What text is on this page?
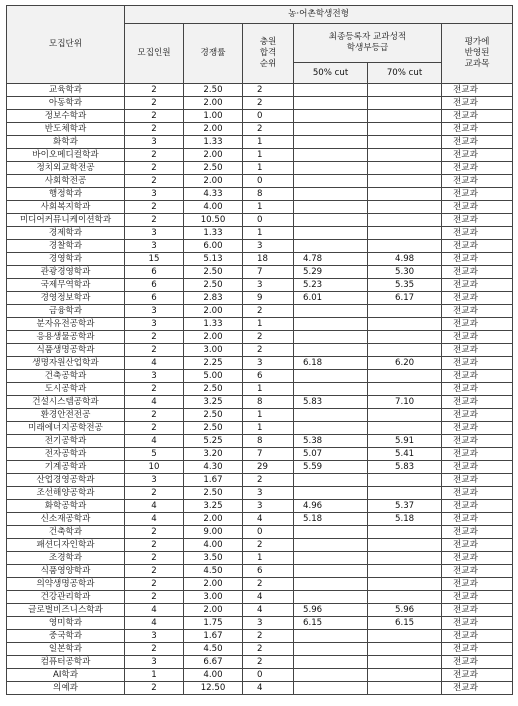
모집단위	농·어촌학생전형					
	모집인원	경쟁률	충원
합격
순위	최종등록자 교과성적
학생부등급		평가에
반영된
교과목

				50% cut	70% cut	
교육학과	2	2.50	2			전교과
아동학과	2	2.00	2			전교과
정보수학과	2	1.00	0			전교과
반도체학과	2	2.00	2			전교과
화학과	3	1.33	1			전교과
바이오메디컬학과	2	2.00	1			전교과
정치외교학전공	2	2.50	1			전교과
사회학전공	2	2.00	0			전교과
행정학과	3	4.33	8			전교과
사회복지학과	2	4.00	1			전교과
미디어커뮤니케이션학과	2	10.50	0			전교과
경제학과	3	1.33	1			전교과
경찰학과	3	6.00	3			전교과
경영학과	15	5.13	18	4.78	4.98	전교과
관광경영학과	6	2.50	7	5.29	5.30	전교과
국제무역학과	6	2.50	3	5.23	5.35	전교과
경영정보학과	6	2.83	9	6.01	6.17	전교과
금융학과	3	2.00	2			전교과
분자유전공학과	3	1.33	1			전교과
응용생물공학과	2	2.00	2			전교과
식품생명공학과	2	3.00	2			전교과
생명자원산업학과	4	2.25	3	6.18	6.20	전교과
건축공학과	3	5.00	6			전교과
도시공학과	2	2.50	1			전교과
건설시스템공학과	4	3.25	8	5.83	7.10	전교과
환경안전전공	2	2.50	1			전교과
미래에너지공학전공	2	2.50	1			전교과
전기공학과	4	5.25	8	5.38	5.91	전교과
전자공학과	5	3.20	7	5.07	5.41	전교과
기계공학과	10	4.30	29	5.59	5.83	전교과
산업경영공학과	3	1.67	2			전교과
조선해양공학과	2	2.50	3			전교과
화학공학과	4	3.25	3	4.96	5.37	전교과
신소재공학과	4	2.00	4	5.18	5.18	전교과
건축학과	2	9.00	0			전교과
패션디자인학과	2	4.00	2			전교과
조경학과	2	3.50	1			전교과
식품영양학과	2	4.50	6			전교과
의약생명공학과	2	2.00	2			전교과
건강관리학과	2	3.00	4			전교과
글로벌비즈니스학과	4	2.00	4	5.96	5.96	전교과
영미학과	4	1.75	3	6.15	6.15	전교과
중국학과	3	1.67	2			전교과
일본학과	2	4.50	2			전교과
컴퓨터공학과	3	6.67	2			전교과
AI학과	1	4.00	0			전교과
의예과	2	12.50	4			전교과
